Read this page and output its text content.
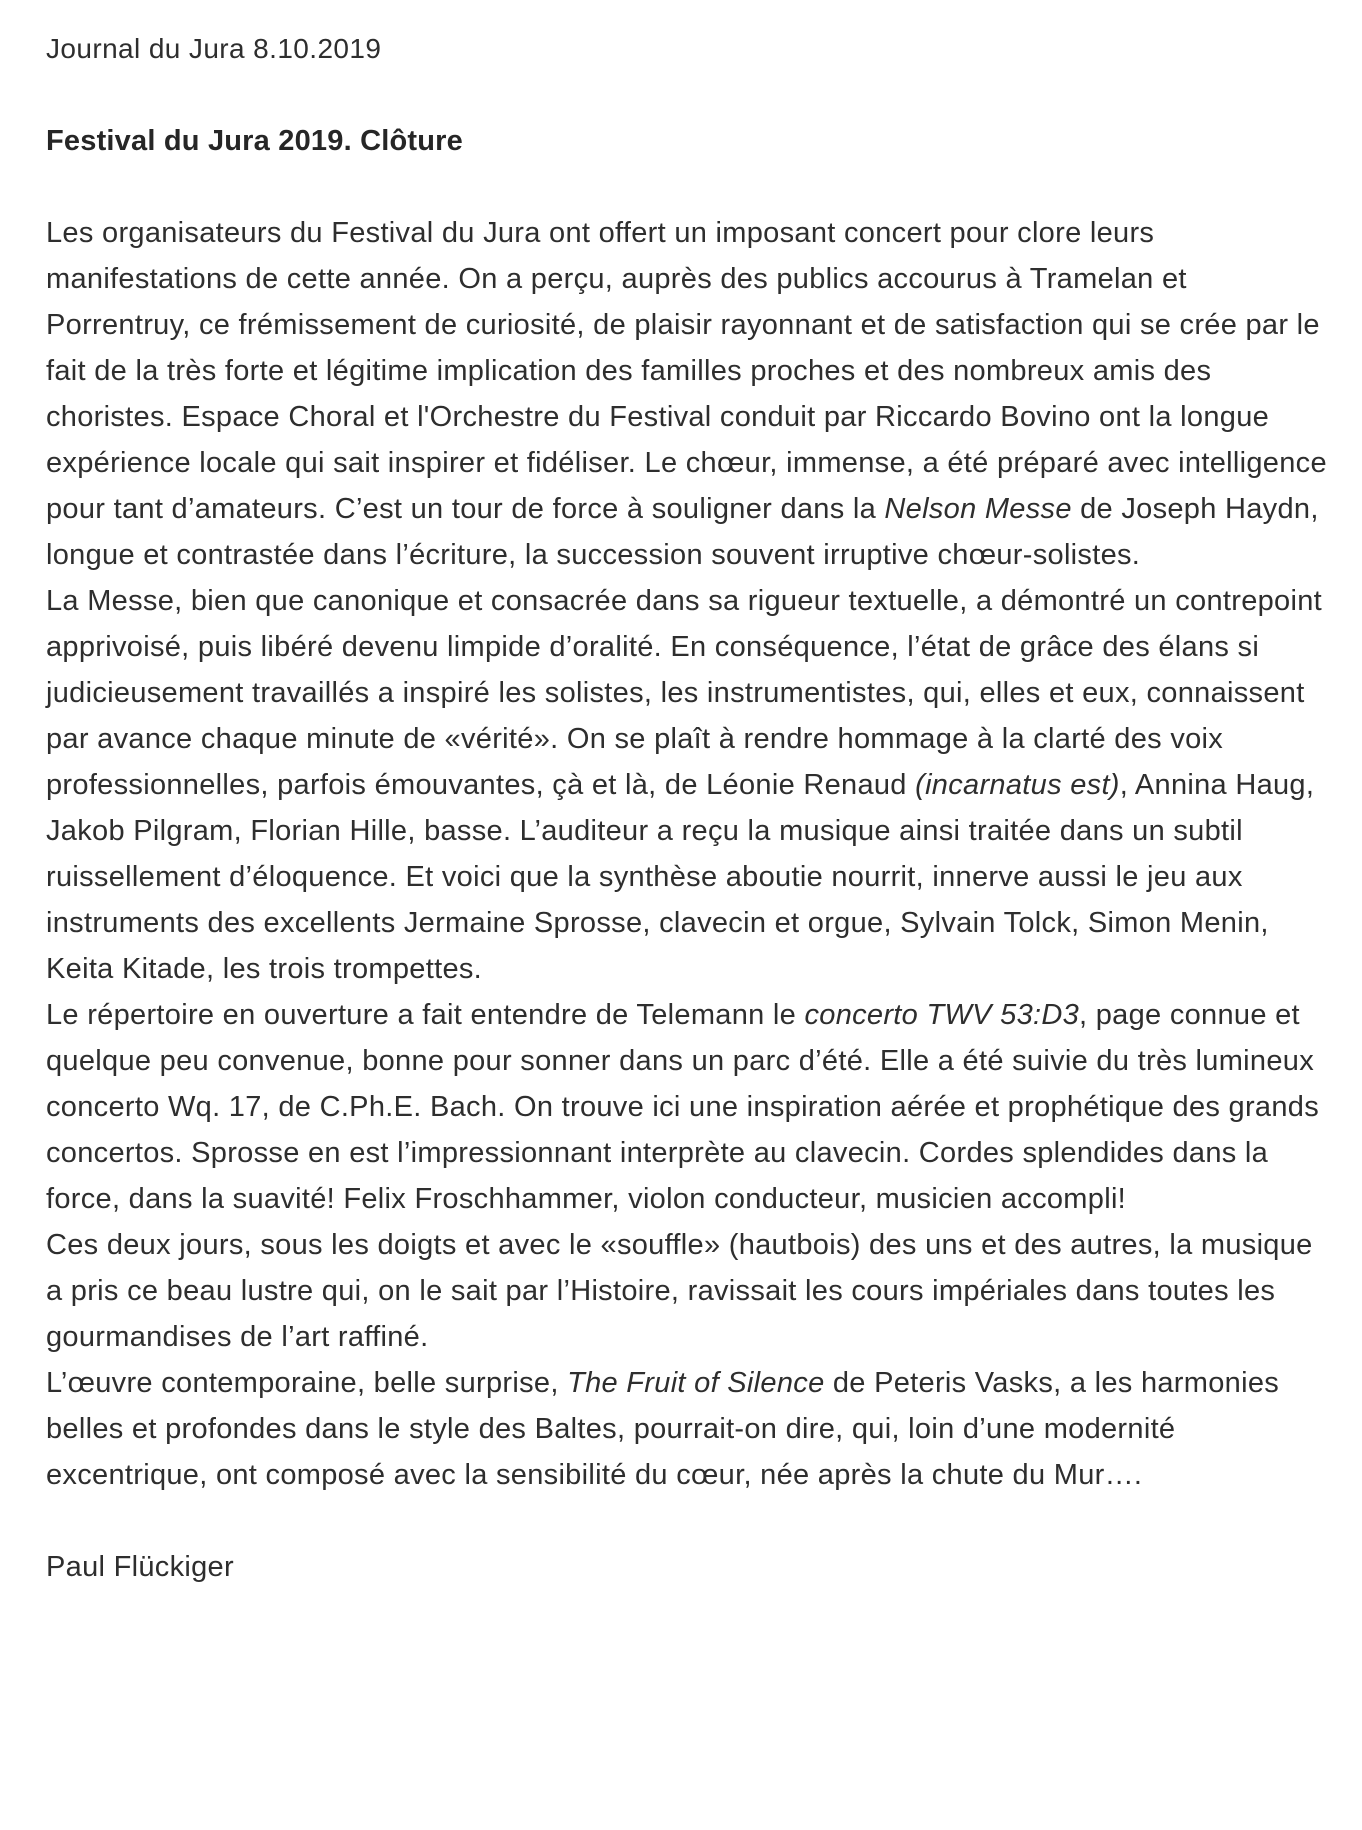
Journal du Jura 8.10.2019
Festival du Jura 2019. Clôture

Les organisateurs du Festival du Jura ont offert un imposant concert pour clore leurs manifestations de cette année. On a perçu, auprès des publics accourus à Tramelan et Porrentruy, ce frémissement de curiosité, de plaisir rayonnant et de satisfaction qui se crée par le fait de la très forte et légitime implication des familles proches et des nombreux amis des choristes. Espace Choral et l'Orchestre du Festival conduit par Riccardo Bovino ont la longue expérience locale qui sait inspirer et fidéliser. Le chœur, immense, a été préparé avec intelligence pour tant d’amateurs. C’est un tour de force à souligner dans la Nelson Messe de Joseph Haydn, longue et contrastée dans l’écriture, la succession souvent irruptive chœur-solistes.

La Messe, bien que canonique et consacrée dans sa rigueur textuelle, a démontré un contrepoint apprivoisé, puis libéré devenu limpide d’oralité. En conséquence, l’état de grâce des élans si judicieusement travaillés a inspiré les solistes, les instrumentistes, qui, elles et eux, connaissent par avance chaque minute de «vérité». On se plaît à rendre hommage à la clarté des voix professionnelles, parfois émouvantes, çà et là, de Léonie Renaud (incarnatus est), Annina Haug, Jakob Pilgram, Florian Hille, basse. L’auditeur a reçu la musique ainsi traitée dans un subtil ruissellement d’éloquence. Et voici que la synthèse aboutie nourrit, innerve aussi le jeu aux instruments des excellents Jermaine Sprosse, clavecin et orgue, Sylvain Tolck, Simon Menin, Keita Kitade, les trois trompettes.

Le répertoire en ouverture a fait entendre de Telemann le concerto TWV 53:D3, page connue et quelque peu convenue, bonne pour sonner dans un parc d’été. Elle a été suivie du très lumineux concerto Wq. 17, de C.Ph.E. Bach. On trouve ici une inspiration aérée et prophétique des grands concertos. Sprosse en est l’impressionnant interprète au clavecin. Cordes splendides dans la force, dans la suavité! Felix Froschhammer, violon conducteur, musicien accompli!

Ces deux jours, sous les doigts et avec le «souffle» (hautbois) des uns et des autres, la musique a pris ce beau lustre qui, on le sait par l’Histoire, ravissait les cours impériales dans toutes les gourmandises de l’art raffiné.

L’œuvre contemporaine, belle surprise, The Fruit of Silence de Peteris Vasks, a les harmonies belles et profondes dans le style des Baltes, pourrait-on dire, qui, loin d’une modernité excentrique, ont composé avec la sensibilité du cœur, née après la chute du Mur….

Paul Flückiger
